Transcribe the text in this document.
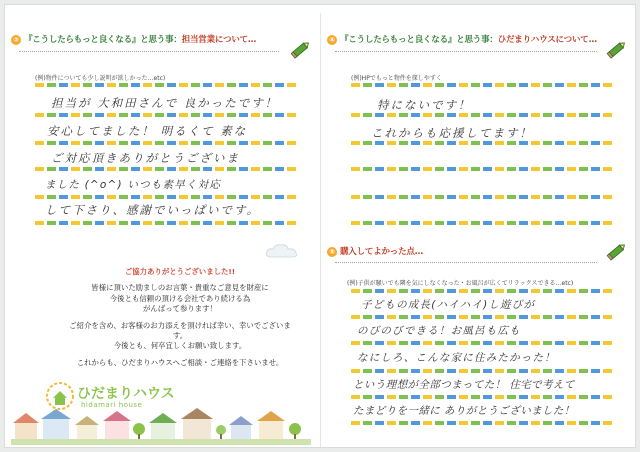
③ 『こうしたらもっと良くなる』と思う事：担当営業について…
(例)物件についても少し説明が欲しかった…etc)
担当が 大和田さんで 良かったです！
安心してました！ 明るくて 素な
ご対応頂きありがとうございま
ました (^o^) いつも素早く対応
して下さり、感謝でいっぱいです。
ご協力ありがとうございました!!
皆様に頂いた励ましのお言葉・貴重なご意見を財産に
今後とも信頼の頂ける会社であり続ける為
がんばって参ります！
ご紹介を含め、お客様のお力添えを頂ければ幸い、幸いでございます。
今後とも、何卒宜しくお願い致します。
これからも、ひだまりハウスへご相談・ご連絡を下さいませ。
ひだまりハウス
hidamari house
④ 『こうしたらもっと良くなる』と思う事：ひだまりハウスについて…
(例)HPでもっと物件を探しやすく
特にないです！
これからも応援してます！
⑤ 購入してよかった点…
(例)子供が騒いでも隣を気にしなくなった・お風呂が広くてリラックスできる…etc)
子どもの成長(ハイハイ)し遊びが
のびのびできる！お風呂も広も
なにしろ、こんな家に住みたかった！
という理想が全部つまってた！ 住宅で考えて
たまどりを一緒に ありがとうございました！
